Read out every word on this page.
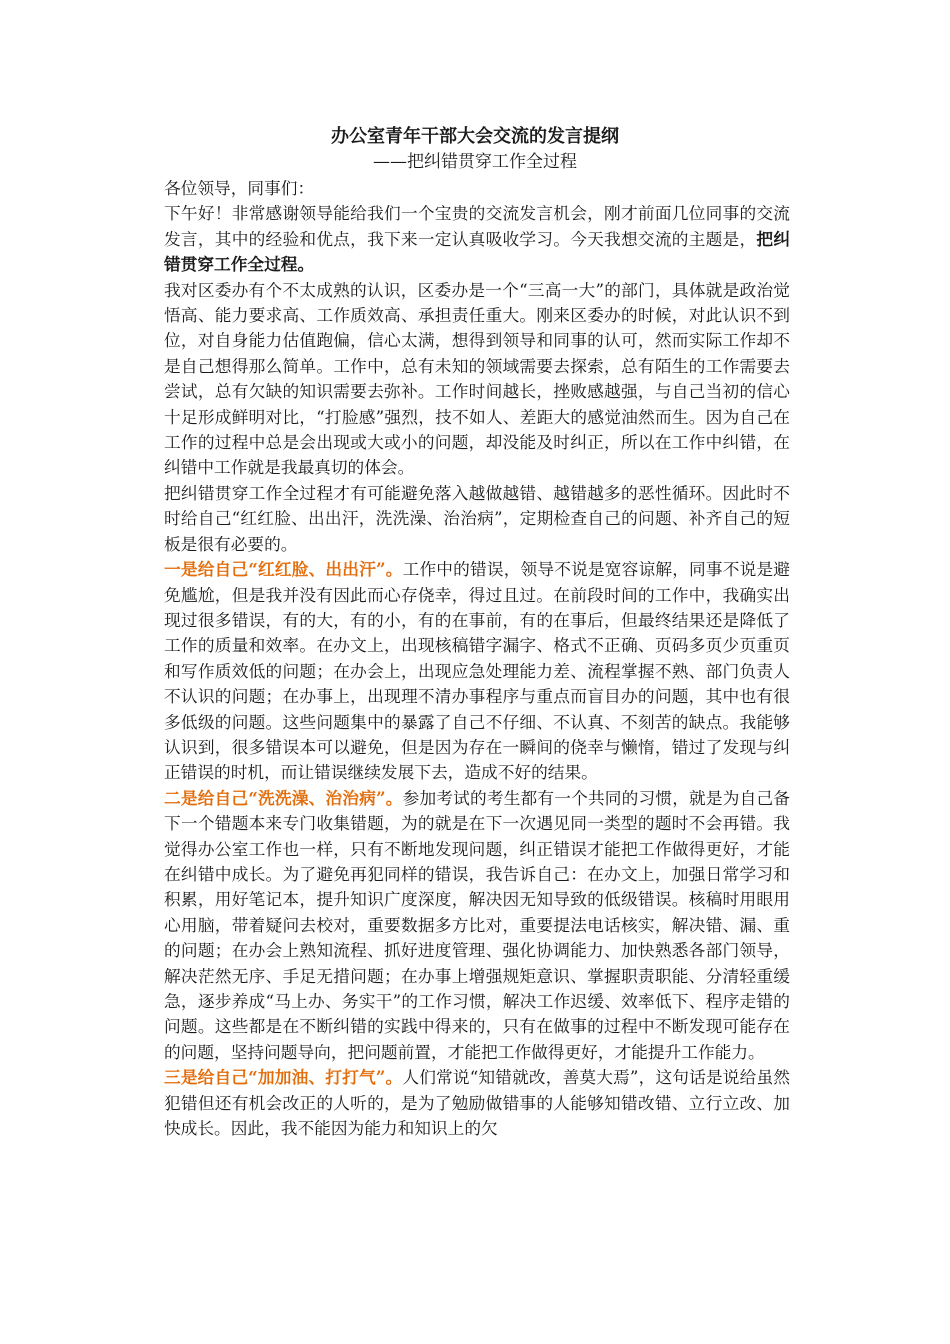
办公室青年干部大会交流的发言提纲
——把纠错贯穿工作全过程

各位领导，同事们：

下午好！非常感谢领导能给我们一个宝贵的交流发言机会，刚才前面几位同事的交流发言，其中的经验和优点，我下来一定认真吸收学习。今天我想交流的主题是，把纠错贯穿工作全过程。

我对区委办有个不太成熟的认识，区委办是一个“三高一大”的部门，具体就是政治觉悟高、能力要求高、工作质效高、承担责任重大。刚来区委办的时候，对此认识不到位，对自身能力估值跑偏，信心太满，想得到领导和同事的认可，然而实际工作却不是自己想得那么简单。工作中，总有未知的领域需要去探索，总有陌生的工作需要去尝试，总有欠缺的知识需要去弥补。工作时间越长，挫败感越强，与自己当初的信心十足形成鲜明对比，“打脸感”强烈，技不如人、差距大的感觉油然而生。因为自己在工作的过程中总是会出现或大或小的问题，却没能及时纠正，所以在工作中纠错，在纠错中工作就是我最真切的体会。

把纠错贯穿工作全过程才有可能避免落入越做越错、越错越多的恶性循环。因此时不时给自己“红红脸、出出汗，洗洗澡、治治病”，定期检查自己的问题、补齐自己的短板是很有必要的。

一是给自己“红红脸、出出汗”。工作中的错误，领导不说是宽容谅解，同事不说是避免尴尬，但是我并没有因此而心存侥幸，得过且过。在前段时间的工作中，我确实出现过很多错误，有的大，有的小，有的在事前，有的在事后，但最终结果还是降低了工作的质量和效率。在办文上，出现核稿错字漏字、格式不正确、页码多页少页重页和写作质效低的问题；在办会上，出现应急处理能力差、流程掌握不熟、部门负责人不认识的问题；在办事上，出现理不清办事程序与重点而盲目办的问题，其中也有很多低级的问题。这些问题集中的暴露了自己不仔细、不认真、不刻苦的缺点。我能够认识到，很多错误本可以避免，但是因为存在一瞬间的侥幸与懒惰，错过了发现与纠正错误的时机，而让错误继续发展下去，造成不好的结果。

二是给自己“洗洗澡、治治病”。参加考试的考生都有一个共同的习惯，就是为自己备下一个错题本来专门收集错题，为的就是在下一次遇见同一类型的题时不会再错。我觉得办公室工作也一样，只有不断地发现问题，纠正错误才能把工作做得更好，才能在纠错中成长。为了避免再犯同样的错误，我告诉自己：在办文上，加强日常学习和积累，用好笔记本，提升知识广度深度，解决因无知导致的低级错误。核稿时用眼用心用脑，带着疑问去校对，重要数据多方比对，重要提法电话核实，解决错、漏、重的问题；在办会上熟知流程、抓好进度管理、强化协调能力、加快熟悉各部门领导，解决茫然无序、手足无措问题；在办事上增强规矩意识、掌握职责职能、分清轻重缓急，逐步养成“马上办、务实干”的工作习惯，解决工作迟缓、效率低下、程序走错的问题。这些都是在不断纠错的实践中得来的，只有在做事的过程中不断发现可能存在的问题，坚持问题导向，把问题前置，才能把工作做得更好，才能提升工作能力。

三是给自己“加加油、打打气”。人们常说“知错就改，善莫大焉”，这句话是说给虽然犯错但还有机会改正的人听的，是为了勉励做错事的人能够知错改错、立行立改、加快成长。因此，我不能因为能力和知识上的欠
